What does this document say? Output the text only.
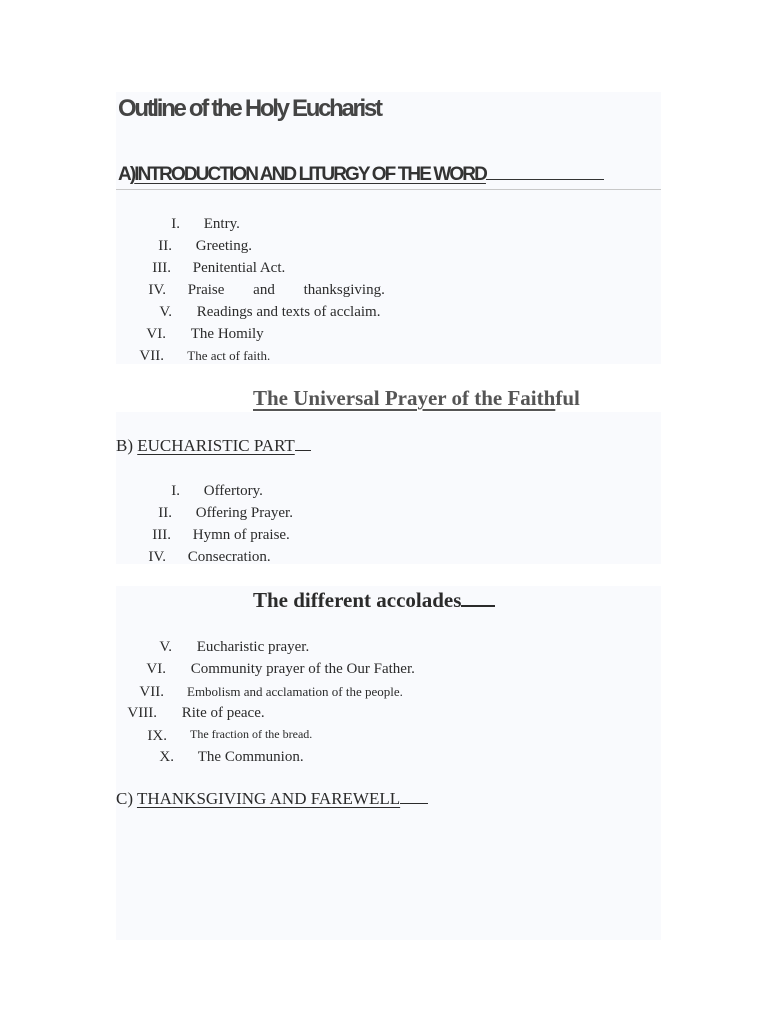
Outline of the Holy Eucharist
A)INTRODUCTION AND LITURGY OF THE WORD
I. Entry.
II. Greeting.
III. Penitential Act.
IV. Praise and thanksgiving.
V. Readings and texts of acclaim.
VI. The Homily
VII. The act of faith.
The Universal Prayer of the Faithful
B) EUCHARISTIC PART
I. Offertory.
II. Offering Prayer.
III. Hymn of praise.
IV. Consecration.
The different accolades
V. Eucharistic prayer.
VI. Community prayer of the Our Father.
VII. Embolism and acclamation of the people.
VIII. Rite of peace.
IX. The fraction of the bread.
X. The Communion.
C) THANKSGIVING AND FAREWELL
